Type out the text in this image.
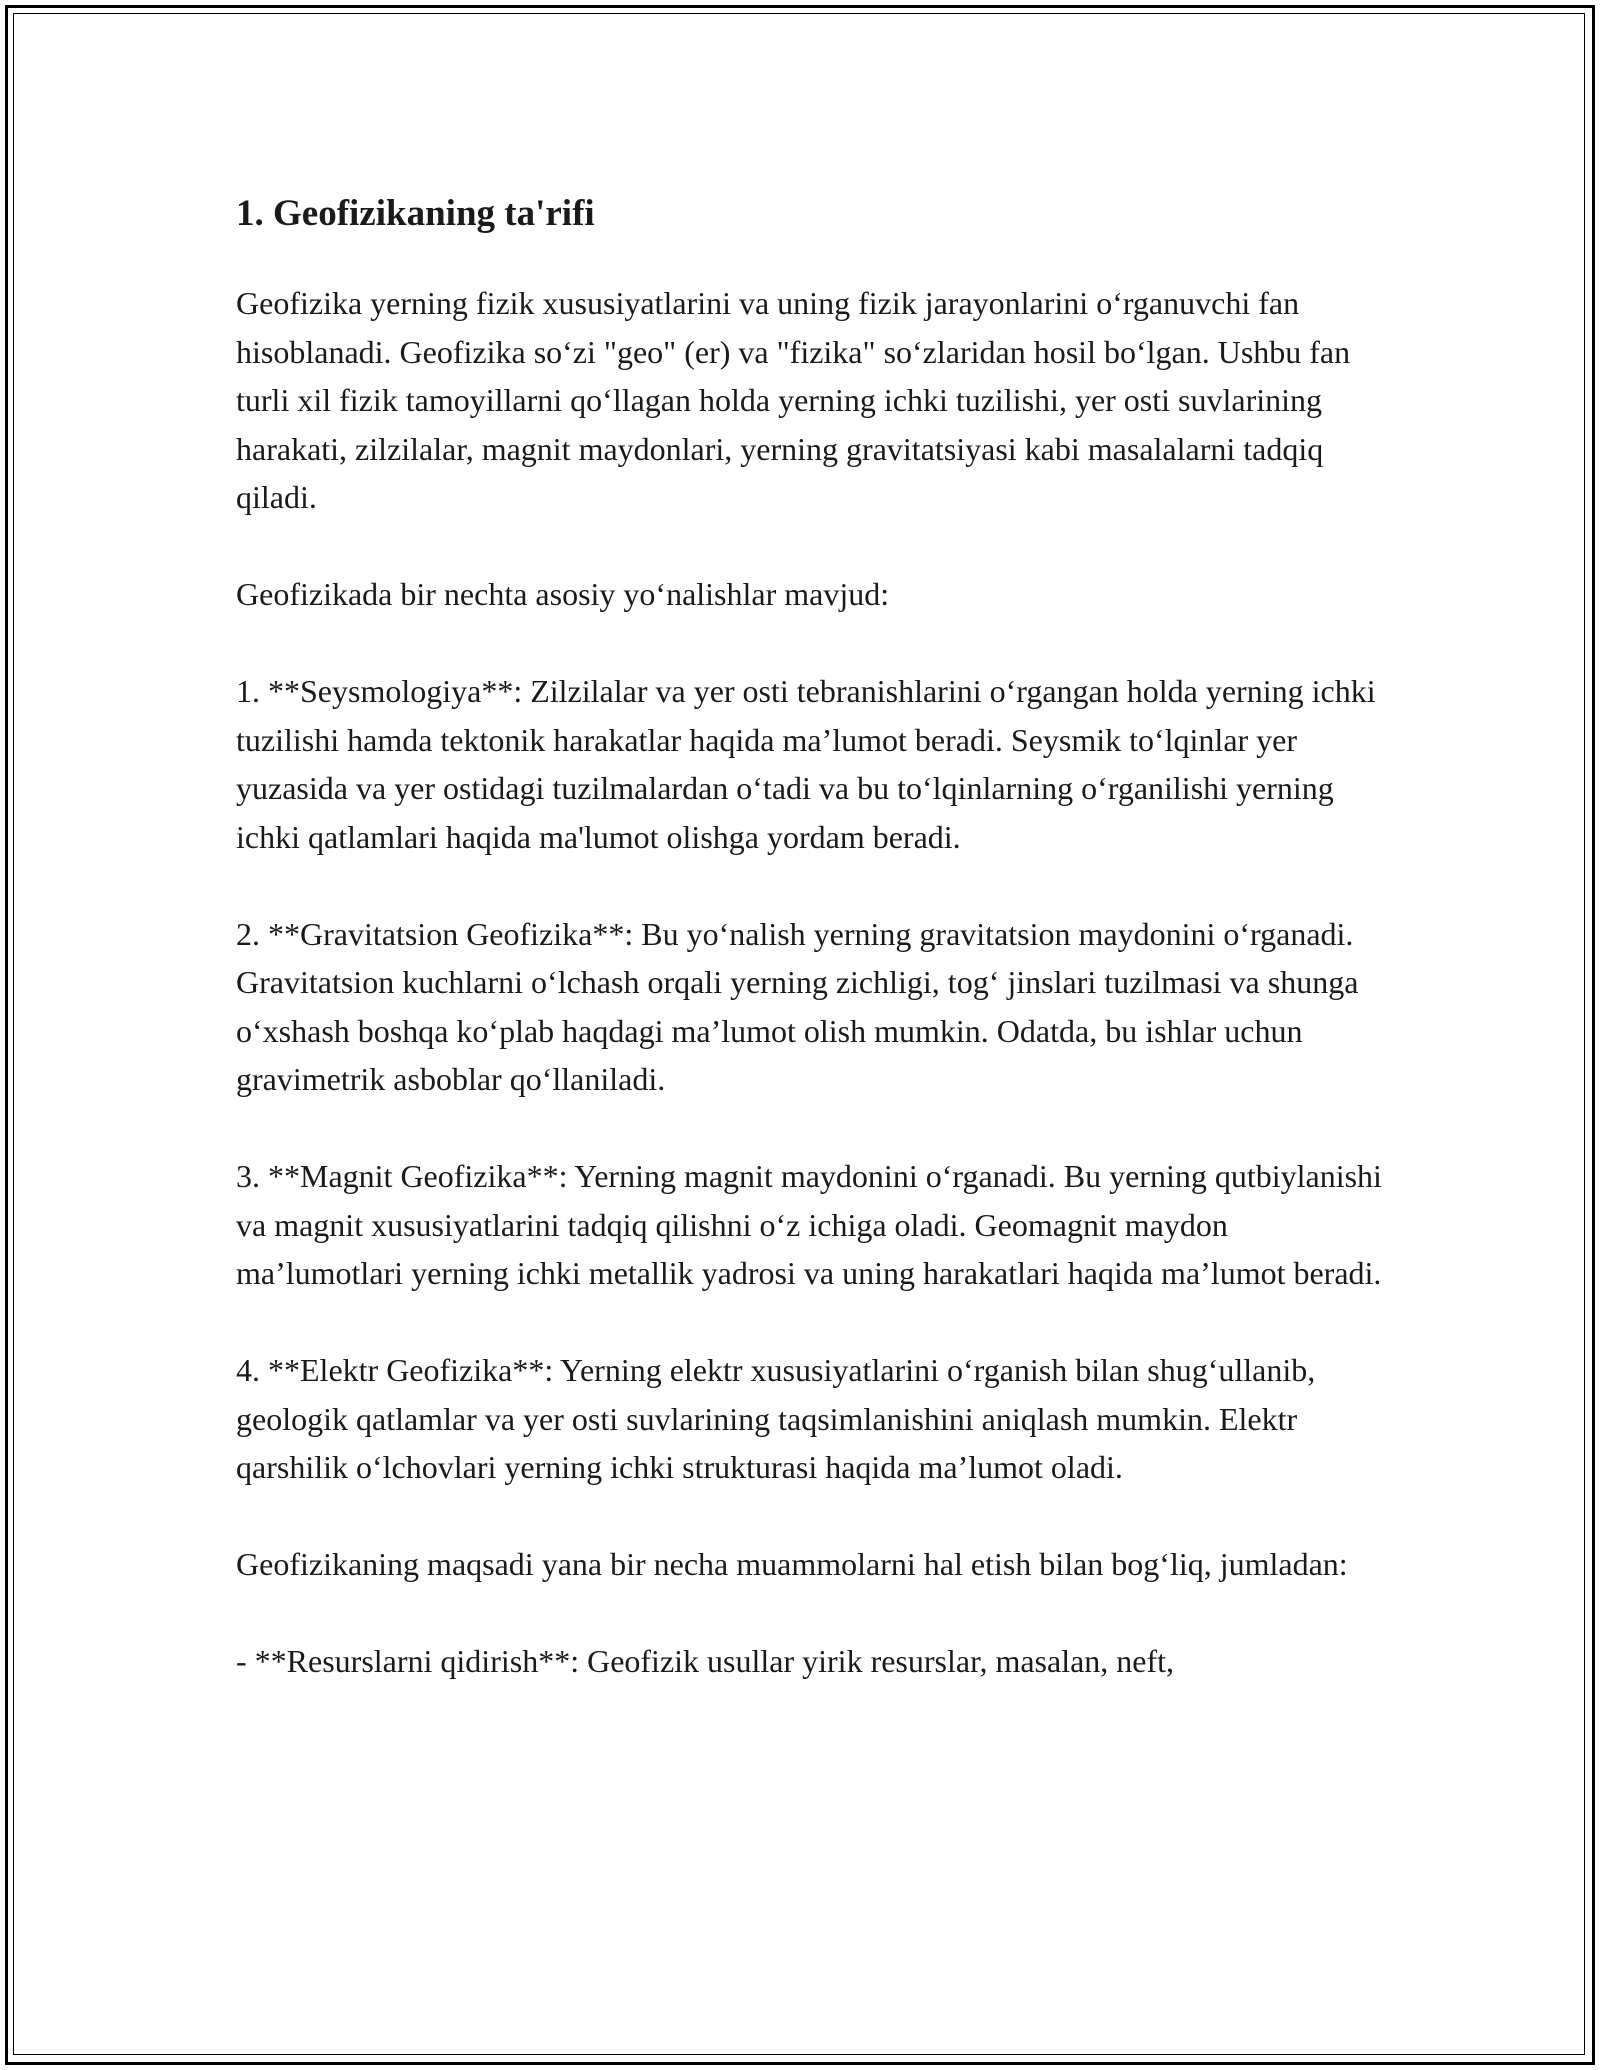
1. Geofizikaning ta'rifi

Geofizika yerning fizik xususiyatlarini va uning fizik jarayonlarini o‘rganuvchi fan hisoblanadi. Geofizika so‘zi "geo" (er) va "fizika" so‘zlaridan hosil bo‘lgan. Ushbu fan turli xil fizik tamoyillarni qo‘llagan holda yerning ichki tuzilishi, yer osti suvlarining harakati, zilzilalar, magnit maydonlari, yerning gravitatsiyasi kabi masalalarni tadqiq qiladi.

Geofizikada bir nechta asosiy yo‘nalishlar mavjud:

1. **Seysmologiya**: Zilzilalar va yer osti tebranishlarini o‘rgangan holda yerning ichki tuzilishi hamda tektonik harakatlar haqida ma’lumot beradi. Seysmik to‘lqinlar yer yuzasida va yer ostidagi tuzilmalardan o‘tadi va bu to‘lqinlarning o‘rganilishi yerning ichki qatlamlari haqida ma'lumot olishga yordam beradi.

2. **Gravitatsion Geofizika**: Bu yo‘nalish yerning gravitatsion maydonini o‘rganadi. Gravitatsion kuchlarni o‘lchash orqali yerning zichligi, tog‘ jinslari tuzilmasi va shunga o‘xshash boshqa ko‘plab haqdagi ma’lumot olish mumkin. Odatda, bu ishlar uchun gravimetrik asboblar qo‘llaniladi.

3. **Magnit Geofizika**: Yerning magnit maydonini o‘rganadi. Bu yerning qutbiylanishi va magnit xususiyatlarini tadqiq qilishni o‘z ichiga oladi. Geomagnit maydon ma’lumotlari yerning ichki metallik yadrosi va uning harakatlari haqida ma’lumot beradi.

4. **Elektr Geofizika**: Yerning elektr xususiyatlarini o‘rganish bilan shug‘ullanib, geologik qatlamlar va yer osti suvlarining taqsimlanishini aniqlash mumkin. Elektr qarshilik o‘lchovlari yerning ichki strukturasi haqida ma’lumot oladi.

Geofizikaning maqsadi yana bir necha muammolarni hal etish bilan bog‘liq, jumladan:

- **Resurslarni qidirish**: Geofizik usullar yirik resurslar, masalan, neft,
